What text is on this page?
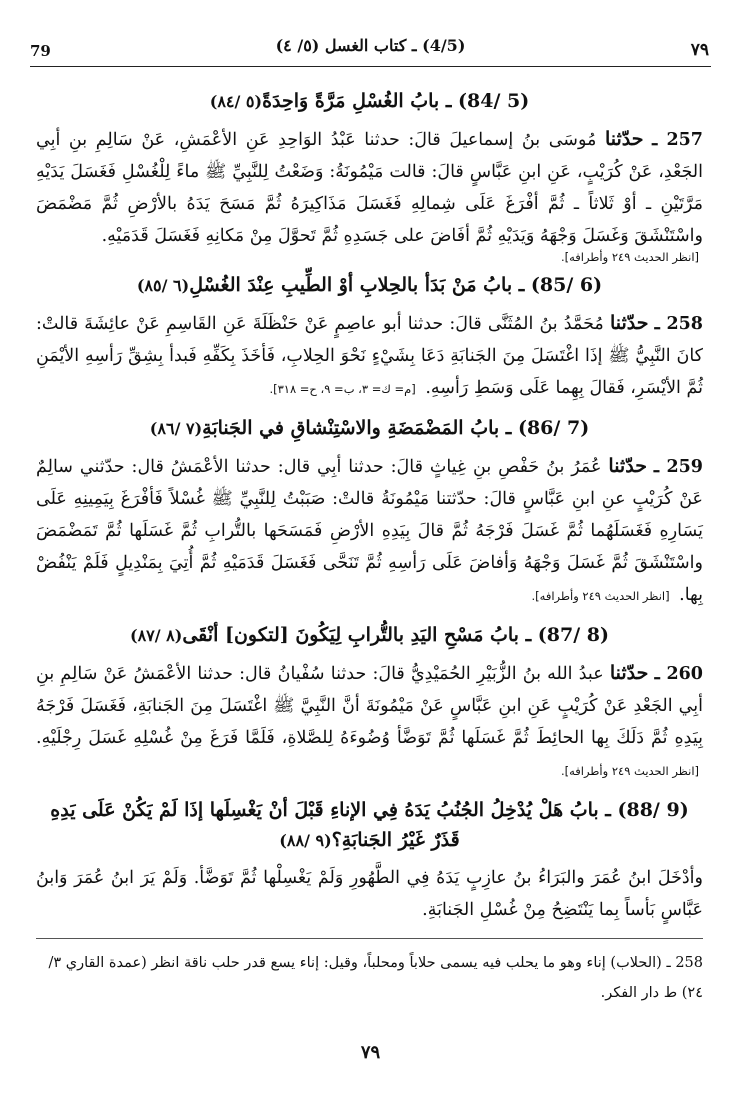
79	(4/5) ـ كتاب الغسل (٥/ ٤)	٧٩
(5 /84) ـ بابُ الغُسْلِ مَرَّةً وَاحِدَةً(٥ /٨٤)

257 ـ حدّثنا مُوسَى بنُ إسماعيلَ قالَ: حدثنا عَبْدُ الوَاحِدِ عَنِ الأعْمَشِ، عَنْ سَالِمِ بنِ أبِي الجَعْدِ، عَنْ كُرَيْبٍ، عَنِ ابنِ عَبَّاسٍ قالَ: قالت مَيْمُونَةُ: وَضَعْتُ لِلنَّبِيِّ ﷺ ماءً لِلْغُسْلِ فَغَسَلَ يَدَيْهِ مَرَّتَيْنِ ـ أوْ ثَلاثاً ـ ثُمَّ أفْرَغَ عَلَى شِمالِهِ فَغَسَلَ مَذَاكِيرَهُ ثُمَّ مَسَحَ يَدَهُ بالأرْضِ ثُمَّ مَضْمَضَ واسْتَنْشَقَ وَغَسَلَ وَجْهَهُ وَيَدَيْهِ ثُمَّ أفَاضَ على جَسَدِهِ ثُمَّ تَحوَّلَ مِنْ مَكانِهِ فَغَسَلَ قَدَمَيْهِ.

[انظر الحديث ٢٤٩ وأطرافه].
(6 /85) ـ بابُ مَنْ بَدَأ بالحِلابِ أوْ الطِّيبِ عِنْدَ الغُسْلِ(٦ /٨٥)

258 ـ حدّثنا مُحَمَّدُ بنُ المُثَنَّى قالَ: حدثنا أبو عاصِمٍ عَنْ حَنْظَلَةَ عَنِ القَاسِمِ عَنْ عائِشَةَ قالتْ: كانَ النَّبِيُّ ﷺ إذَا اغْتَسَلَ مِنَ الجَنابَةِ دَعَا بِشَيْءٍ نَحْوَ الحِلابِ، فَأخَذَ بِكَفِّهِ فَبدأ بِشِقِّ رَأسِهِ الأيْمَنِ ثُمَّ الأيْسَرِ، فَقالَ بِهِما عَلَى وَسَطِ رَأسِهِ. [م= ك= ٣، ب= ٩، ح= ٣١٨].

(7 /86) ـ بابُ المَضْمَضَةِ والاسْتِنْشاقِ في الجَنابَةِ(٧ /٨٦)

259 ـ حدّثنا عُمَرُ بنُ حَفْصِ بنِ غِياثٍ قالَ: حدثنا أبِي قال: حدثنا الأعْمَشُ قال: حدّثني سالِمٌ عَنْ كُرَيْبٍ عنِ ابنِ عَبَّاسٍ قالَ: حدّثتنا مَيْمُونَةُ قالتْ: صَبَبْتُ لِلنَّبِيِّ ﷺ غُسْلاً فَأفْرَغَ بِيَمِينِهِ عَلَى يَسَارِهِ فَغَسَلَهُما ثُمَّ غَسَلَ فَرْجَهُ ثُمَّ قالَ بِيَدِهِ الأرْضِ فَمَسَحَها بالتُّرابِ ثُمَّ غَسَلَها ثُمَّ تَمَضْمَضَ واسْتَنْشَقَ ثُمَّ غَسَلَ وَجْهَهُ وَأفاضَ عَلَى رَأسِهِ ثُمَّ تَنَحَّى فَغَسَلَ قَدَمَيْهِ ثُمَّ أُتِيَ بِمَنْدِيلٍ فَلَمْ يَنْفُضْ بِها. [انظر الحديث ٢٤٩ وأطرافه].

(8 /87) ـ بابُ مَسْحِ اليَدِ بالتُّرابِ لِيَكُونَ [لتكون] أنْقَى(٨ /٨٧)

260 ـ حدّثنا عبدُ الله بنُ الزُّبَيْرِ الحُمَيْدِيُّ قالَ: حدثنا سُفْيانُ قال: حدثنا الأعْمَشُ عَنْ سَالِمِ بنِ أبِي الجَعْدِ عَنْ كُرَيْبٍ عَنِ ابنِ عَبَّاسٍ عَنْ مَيْمُونَةَ أنَّ النَّبِيَّ ﷺ اغْتَسَلَ مِنَ الجَنابَةِ، فَغَسَلَ فَرْجَهُ بِيَدِهِ ثُمَّ دَلَكَ بِها الحائِطَ ثُمَّ غَسَلَها ثُمَّ تَوَضَّأ وُضُوءَهُ لِلصَّلاةِ، فَلَمَّا فَرَغَ مِنْ غُسْلِهِ غَسَلَ رِجْلَيْهِ. [انظر الحديث ٢٤٩ وأطرافه].

(9 /88) ـ بابُ هَلْ يُدْخِلُ الجُنُبُ يَدَهُ فِي الإناءِ قَبْلَ أنْ يَغْسِلَها إذَا لَمْ يَكُنْ عَلَى يَدِهِ قَذَرٌ غَيْرُ الجَنابَةِ؟(٩ /٨٨)

وأدْخَلَ ابنُ عُمَرَ والبَرَاءُ بنُ عازِبٍ يَدَهُ فِي الطَّهُورِ وَلَمْ يَغْسِلْها ثُمَّ تَوَضَّأ. وَلَمْ يَرَ ابنُ عُمَرَ وَابنُ عَبَّاسٍ بَأساً بِما يَنْتَضِحُ مِنْ غُسْلِ الجَنابَةِ.

258 ـ (الحلاب) إناء وهو ما يحلب فيه يسمى حلاباً ومحلباً، وقيل: إناء يسع قدر حلب ناقة انظر (عمدة القاري ٣/ ٢٤) ط دار الفكر.
٧٩
